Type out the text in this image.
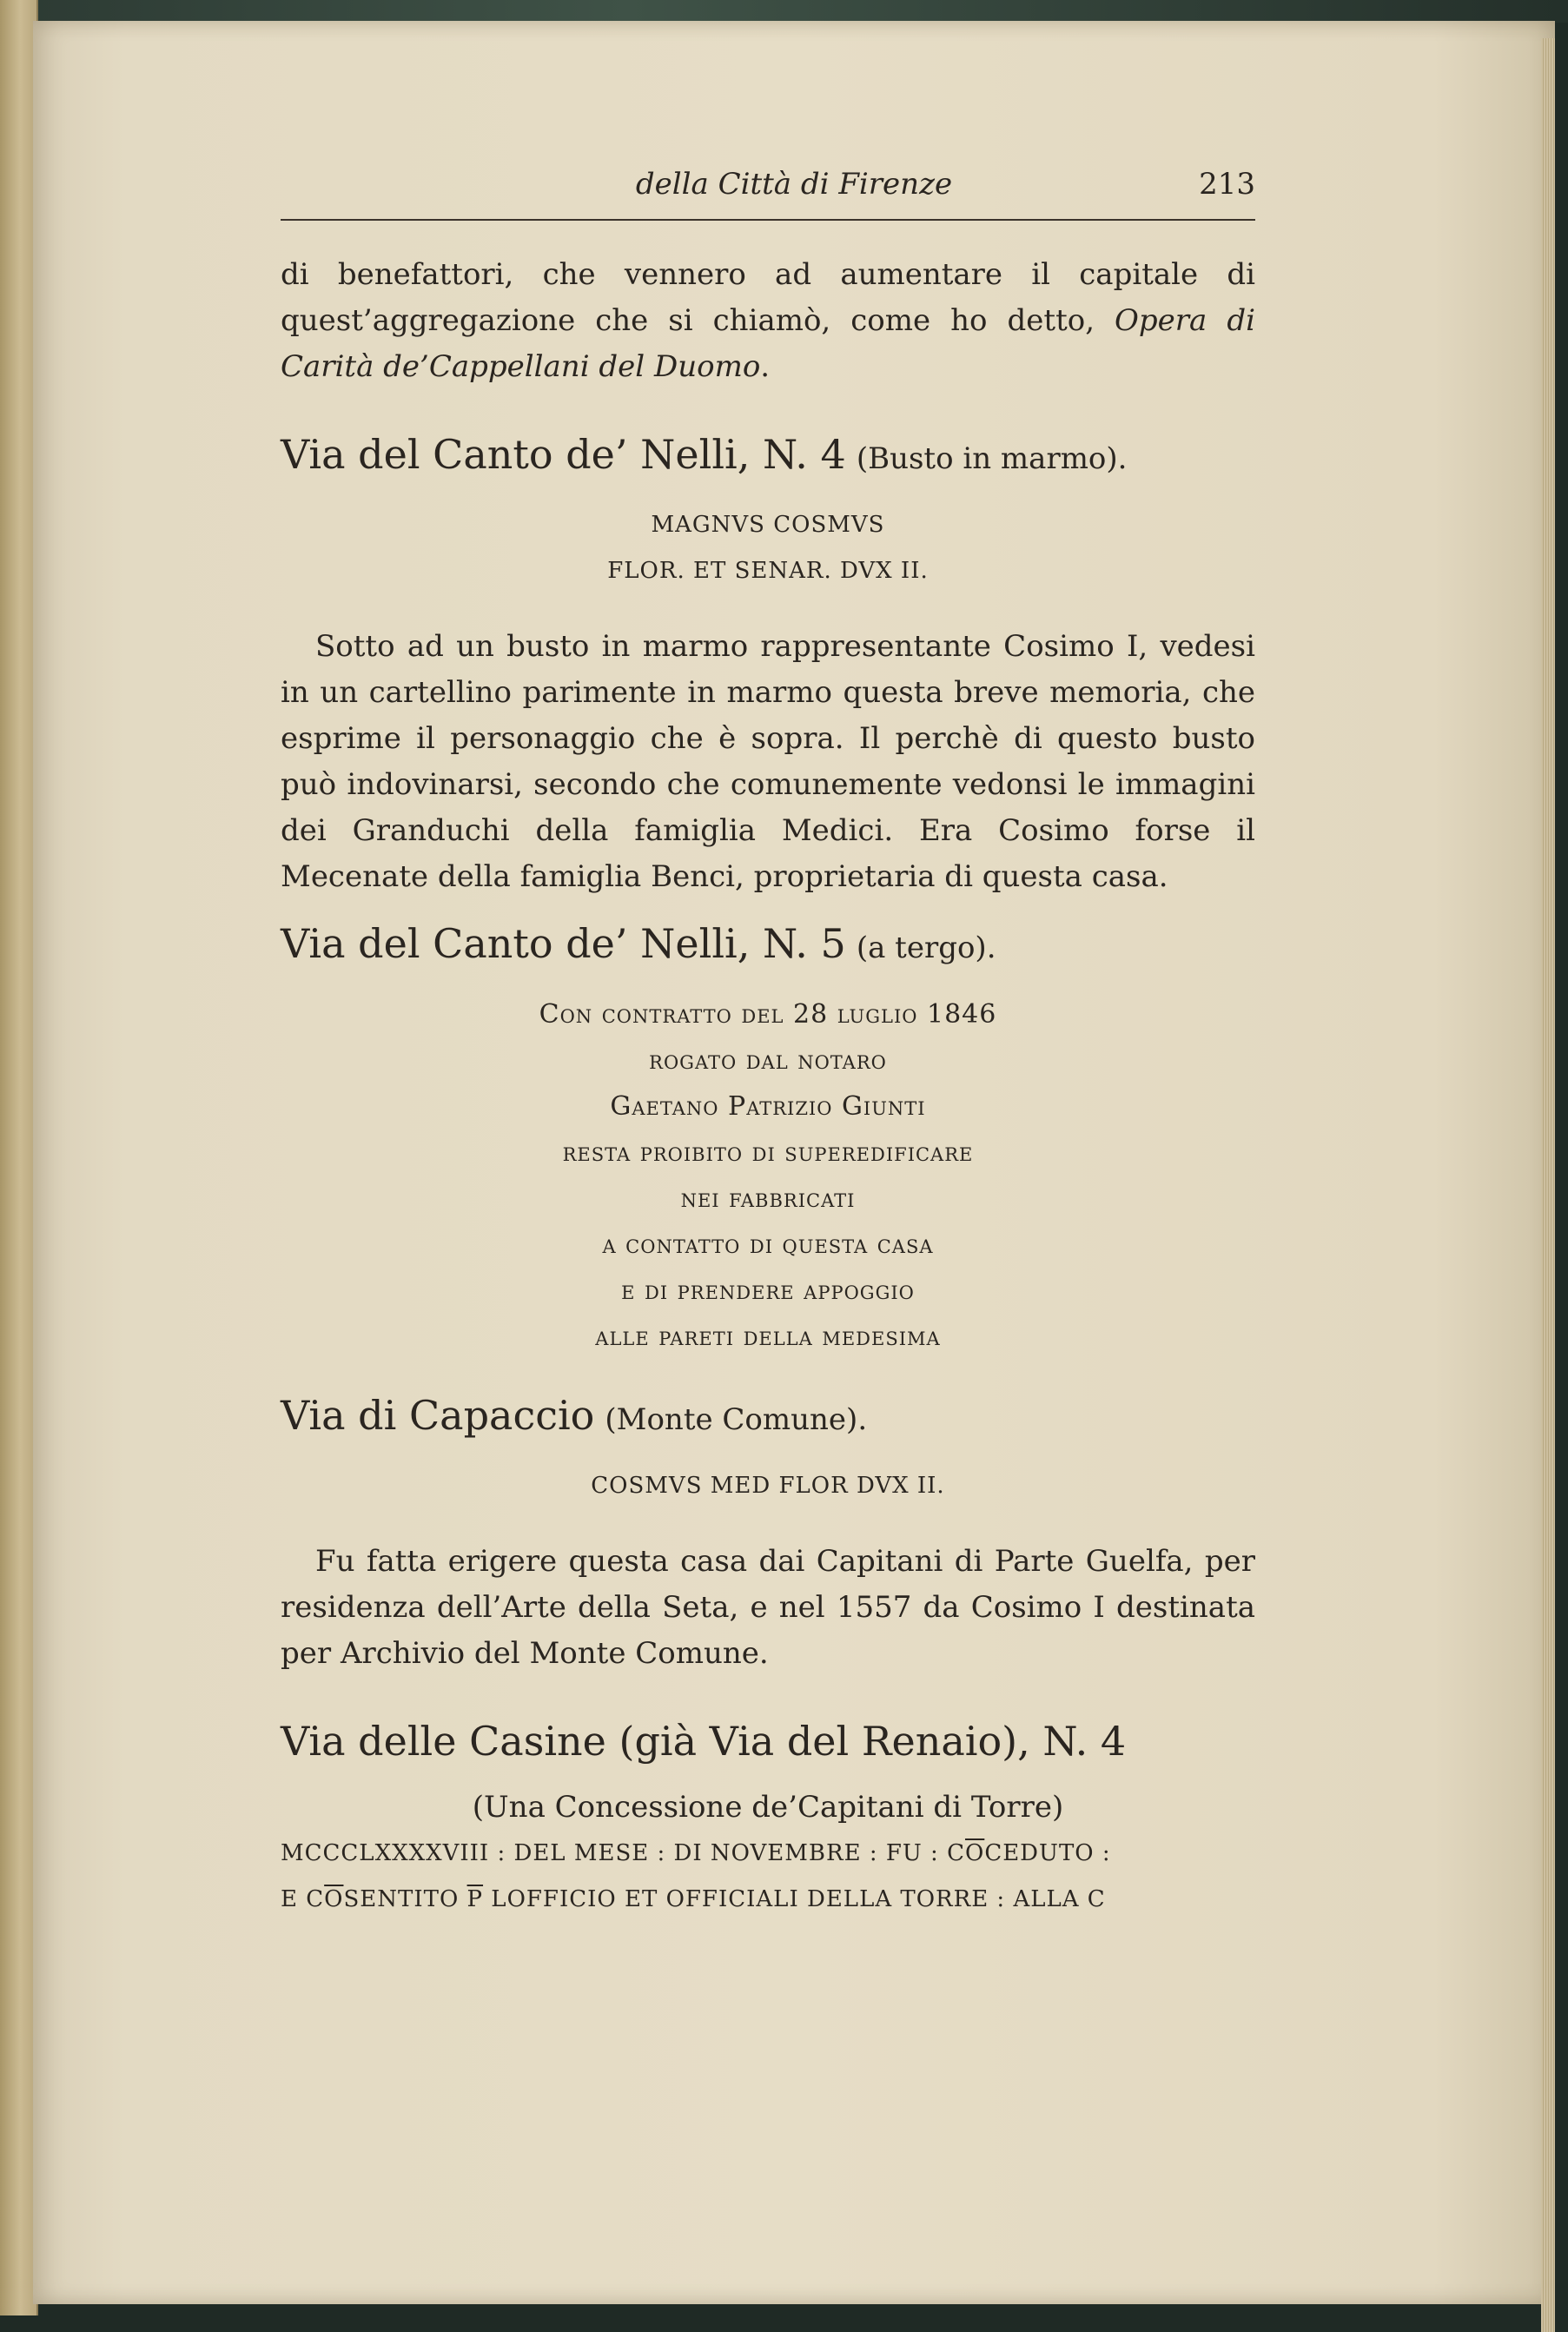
della Città di Firenze	213

di benefattori, che vennero ad aumentare il capitale di quest’aggregazione che si chiamò, come ho detto, Opera di Carità de’Cappellani del Duomo.

Via del Canto de’ Nelli, N. 4 (Busto in marmo).

MAGNVS COSMVS
FLOR. ET SENAR. DVX II.

Sotto ad un busto in marmo rappresentante Cosimo I, vedesi in un cartellino parimente in marmo questa breve memoria, che esprime il personaggio che è sopra. Il perchè di questo busto può indovinarsi, secondo che comunemente vedonsi le immagini dei Granduchi della famiglia Medici. Era Cosimo forse il Mecenate della famiglia Benci, proprietaria di questa casa.

Via del Canto de’ Nelli, N. 5 (a tergo).

Con contratto del 28 luglio 1846
rogato dal notaro
Gaetano Patrizio Giunti
resta proibito di superedificare
nei fabbricati
a contatto di questa casa
e di prendere appoggio
alle pareti della medesima

Via di Capaccio (Monte Comune).

COSMVS MED FLOR DVX II.

Fu fatta erigere questa casa dai Capitani di Parte Guelfa, per residenza dell’Arte della Seta, e nel 1557 da Cosimo I destinata per Archivio del Monte Comune.

Via delle Casine (già Via del Renaio), N. 4

(Una Concessione de’Capitani di Torre)

MCCCLXXXXVIII : DEL MESE : DI NOVEMBRE : FU : $C\overline{O}CEDUTO$ :

E $C\overline{O}SENTITO$ $\overline{P}$ LOFFICIO ET OFFICIALI DELLA TORRE : ALLA C
